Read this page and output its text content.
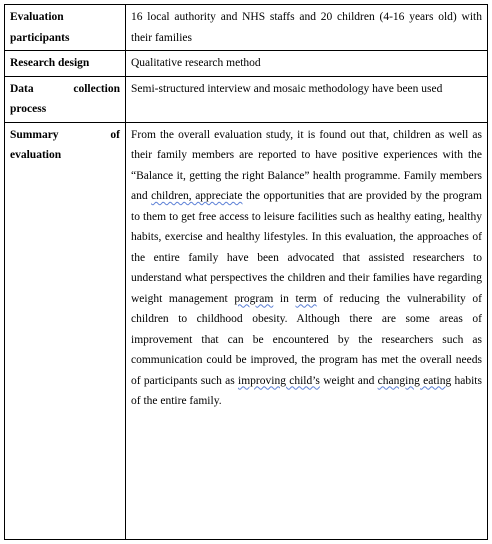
Evaluation
participants	16 local authority and NHS staffs and 20 children (4-16 years old) with their families

Research design	Qualitative research method

Data collection
process	Semi-structured interview and mosaic methodology have been used

Summary of
evaluation	From the overall evaluation study, it is found out that, children as well as their family members are reported to have positive experiences with the “Balance it, getting the right Balance” health programme. Family members and children, appreciate the opportunities that are provided by the program to them to get free access to leisure facilities such as healthy eating, healthy habits, exercise and healthy lifestyles. In this evaluation, the approaches of the entire family have been advocated that assisted researchers to understand what perspectives the children and their families have regarding weight management program in term of reducing the vulnerability of children to childhood obesity. Although there are some areas of improvement that can be encountered by the researchers such as communication could be improved, the program has met the overall needs of participants such as improving child’s weight and changing eating habits of the entire family.
